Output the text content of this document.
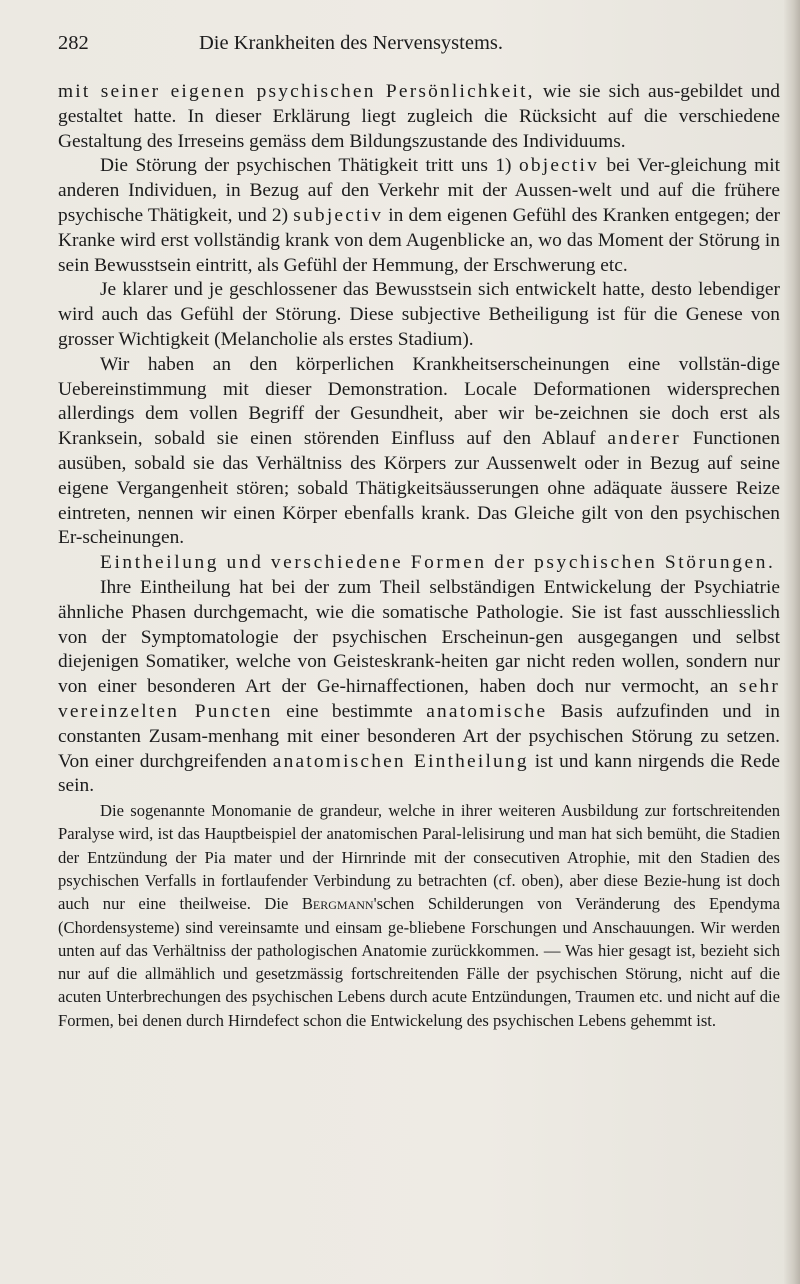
282	Die Krankheiten des Nervensystems.

mit seiner eigenen psychischen Persönlichkeit, wie sie sich aus-gebildet und gestaltet hatte. In dieser Erklärung liegt zugleich die Rücksicht auf die verschiedene Gestaltung des Irreseins gemäss dem Bildungszustande des Individuums.

Die Störung der psychischen Thätigkeit tritt uns 1) objectiv bei Ver-gleichung mit anderen Individuen, in Bezug auf den Verkehr mit der Aussen-welt und auf die frühere psychische Thätigkeit, und 2) subjectiv in dem eigenen Gefühl des Kranken entgegen; der Kranke wird erst vollständig krank von dem Augenblicke an, wo das Moment der Störung in sein Bewusstsein eintritt, als Gefühl der Hemmung, der Erschwerung etc.

Je klarer und je geschlossener das Bewusstsein sich entwickelt hatte, desto lebendiger wird auch das Gefühl der Störung. Diese subjective Betheiligung ist für die Genese von grosser Wichtigkeit (Melancholie als erstes Stadium).

Wir haben an den körperlichen Krankheitserscheinungen eine vollstän-dige Uebereinstimmung mit dieser Demonstration. Locale Deformationen widersprechen allerdings dem vollen Begriff der Gesundheit, aber wir be-zeichnen sie doch erst als Kranksein, sobald sie einen störenden Einfluss auf den Ablauf anderer Functionen ausüben, sobald sie das Verhältniss des Körpers zur Aussenwelt oder in Bezug auf seine eigene Vergangenheit stören; sobald Thätigkeitsäusserungen ohne adäquate äussere Reize eintreten, nennen wir einen Körper ebenfalls krank. Das Gleiche gilt von den psychischen Er-scheinungen.

Eintheilung und verschiedene Formen der psychischen Störungen.

Ihre Eintheilung hat bei der zum Theil selbständigen Entwickelung der Psychiatrie ähnliche Phasen durchgemacht, wie die somatische Pathologie. Sie ist fast ausschliesslich von der Symptomatologie der psychischen Erscheinun-gen ausgegangen und selbst diejenigen Somatiker, welche von Geisteskrank-heiten gar nicht reden wollen, sondern nur von einer besonderen Art der Ge-hirnaffectionen, haben doch nur vermocht, an sehr vereinzelten Puncten eine bestimmte anatomische Basis aufzufinden und in constanten Zusam-menhang mit einer besonderen Art der psychischen Störung zu setzen. Von einer durchgreifenden anatomischen Eintheilung ist und kann nirgends die Rede sein.

Die sogenannte Monomanie de grandeur, welche in ihrer weiteren Ausbildung zur fortschreitenden Paralyse wird, ist das Hauptbeispiel der anatomischen Paral-lelisirung und man hat sich bemüht, die Stadien der Entzündung der Pia mater und der Hirnrinde mit der consecutiven Atrophie, mit den Stadien des psychischen Verfalls in fortlaufender Verbindung zu betrachten (cf. oben), aber diese Bezie-hung ist doch auch nur eine theilweise. Die Bergmann'schen Schilderungen von Veränderung des Ependyma (Chordensysteme) sind vereinsamte und einsam ge-bliebene Forschungen und Anschauungen. Wir werden unten auf das Verhältniss der pathologischen Anatomie zurückkommen. — Was hier gesagt ist, bezieht sich nur auf die allmählich und gesetzmässig fortschreitenden Fälle der psychischen Störung, nicht auf die acuten Unterbrechungen des psychischen Lebens durch acute Entzündungen, Traumen etc. und nicht auf die Formen, bei denen durch Hirndefect schon die Entwickelung des psychischen Lebens gehemmt ist.
